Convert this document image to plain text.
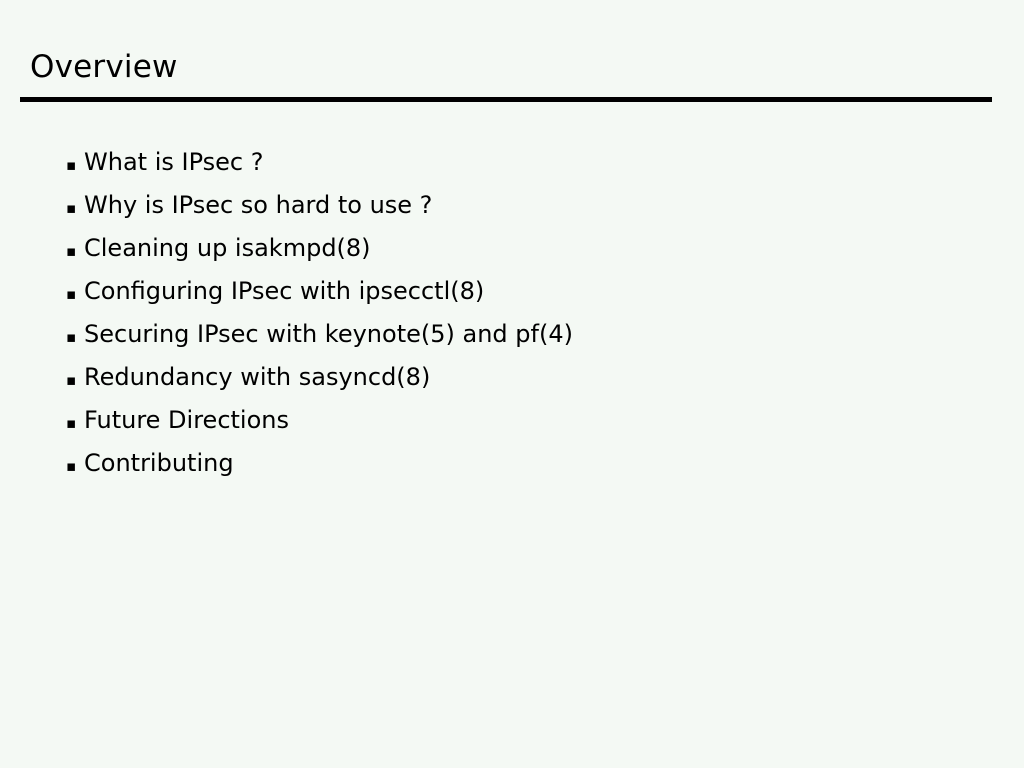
Overview
▪ What is IPsec ?
▪ Why is IPsec so hard to use ?
▪ Cleaning up isakmpd(8)
▪ Configuring IPsec with ipsecctl(8)
▪ Securing IPsec with keynote(5) and pf(4)
▪ Redundancy with sasyncd(8)
▪ Future Directions
▪ Contributing
